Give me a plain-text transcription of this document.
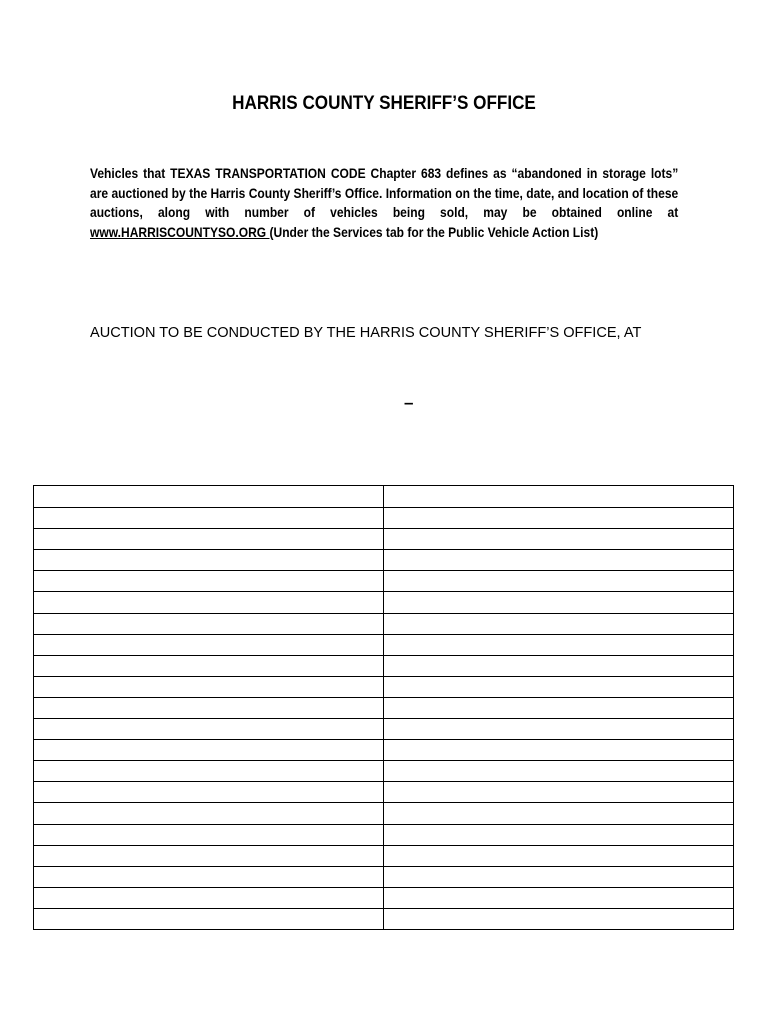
HARRIS COUNTY SHERIFF’S OFFICE
Vehicles that TEXAS TRANSPORTATION CODE Chapter 683 defines as “abandoned in storage lots” are auctioned by the Harris County Sheriff’s Office. Information on the time, date, and location of these auctions, along with number of vehicles being sold, may be obtained online at www.HARRISCOUNTYSO.ORG (Under the Services tab for the Public Vehicle Action List)
AUCTION TO BE CONDUCTED BY THE HARRIS COUNTY SHERIFF’S OFFICE, AT
–
